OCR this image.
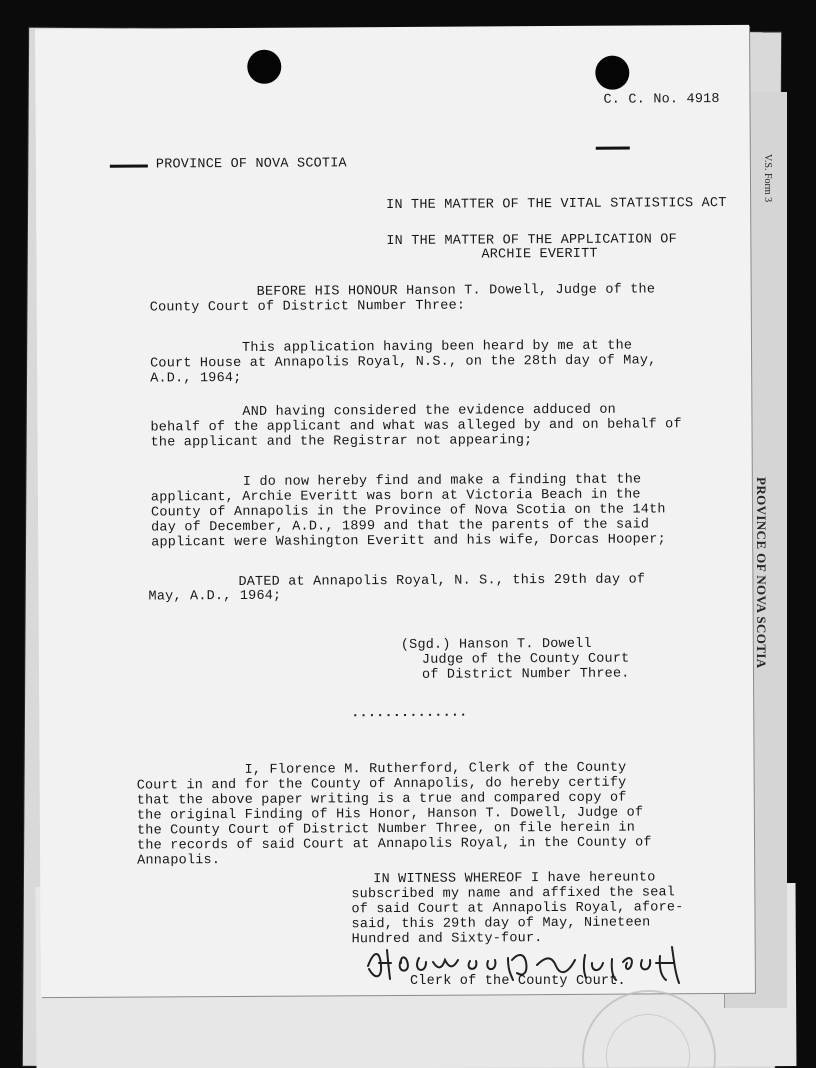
V.S. Form 3
PROVINCE OF NOVA SCOTIA
C. C. No. 4918
PROVINCE OF NOVA SCOTIA
IN THE MATTER OF THE VITAL STATISTICS ACT
IN THE MATTER OF THE APPLICATION OF
ARCHIE EVERITT
BEFORE HIS HONOUR Hanson T. Dowell, Judge of the
County Court of District Number Three:
This application having been heard by me at the
Court House at Annapolis Royal, N.S., on the 28th day of May,
A.D., 1964;
AND having considered the evidence adduced on
behalf of the applicant and what was alleged by and on behalf of
the applicant and the Registrar not appearing;
I do now hereby find and make a finding that the
applicant, Archie Everitt was born at Victoria Beach in the
County of Annapolis in the Province of Nova Scotia on the 14th
day of December, A.D., 1899 and that the parents of the said
applicant were Washington Everitt and his wife, Dorcas Hooper;
DATED at Annapolis Royal, N. S., this 29th day of
May, A.D., 1964;
(Sgd.) Hanson T. Dowell
Judge of the County Court
of District Number Three.
..............
I, Florence M. Rutherford, Clerk of the County
Court in and for the County of Annapolis, do hereby certify
that the above paper writing is a true and compared copy of
the original Finding of His Honor, Hanson T. Dowell, Judge of
the County Court of District Number Three, on file herein in
the records of said Court at Annapolis Royal, in the County of
Annapolis.
IN WITNESS WHEREOF I have hereunto
subscribed my name and affixed the seal
of said Court at Annapolis Royal, afore-
said, this 29th day of May, Nineteen
Hundred and Sixty-four.
Clerk of the County Court.
